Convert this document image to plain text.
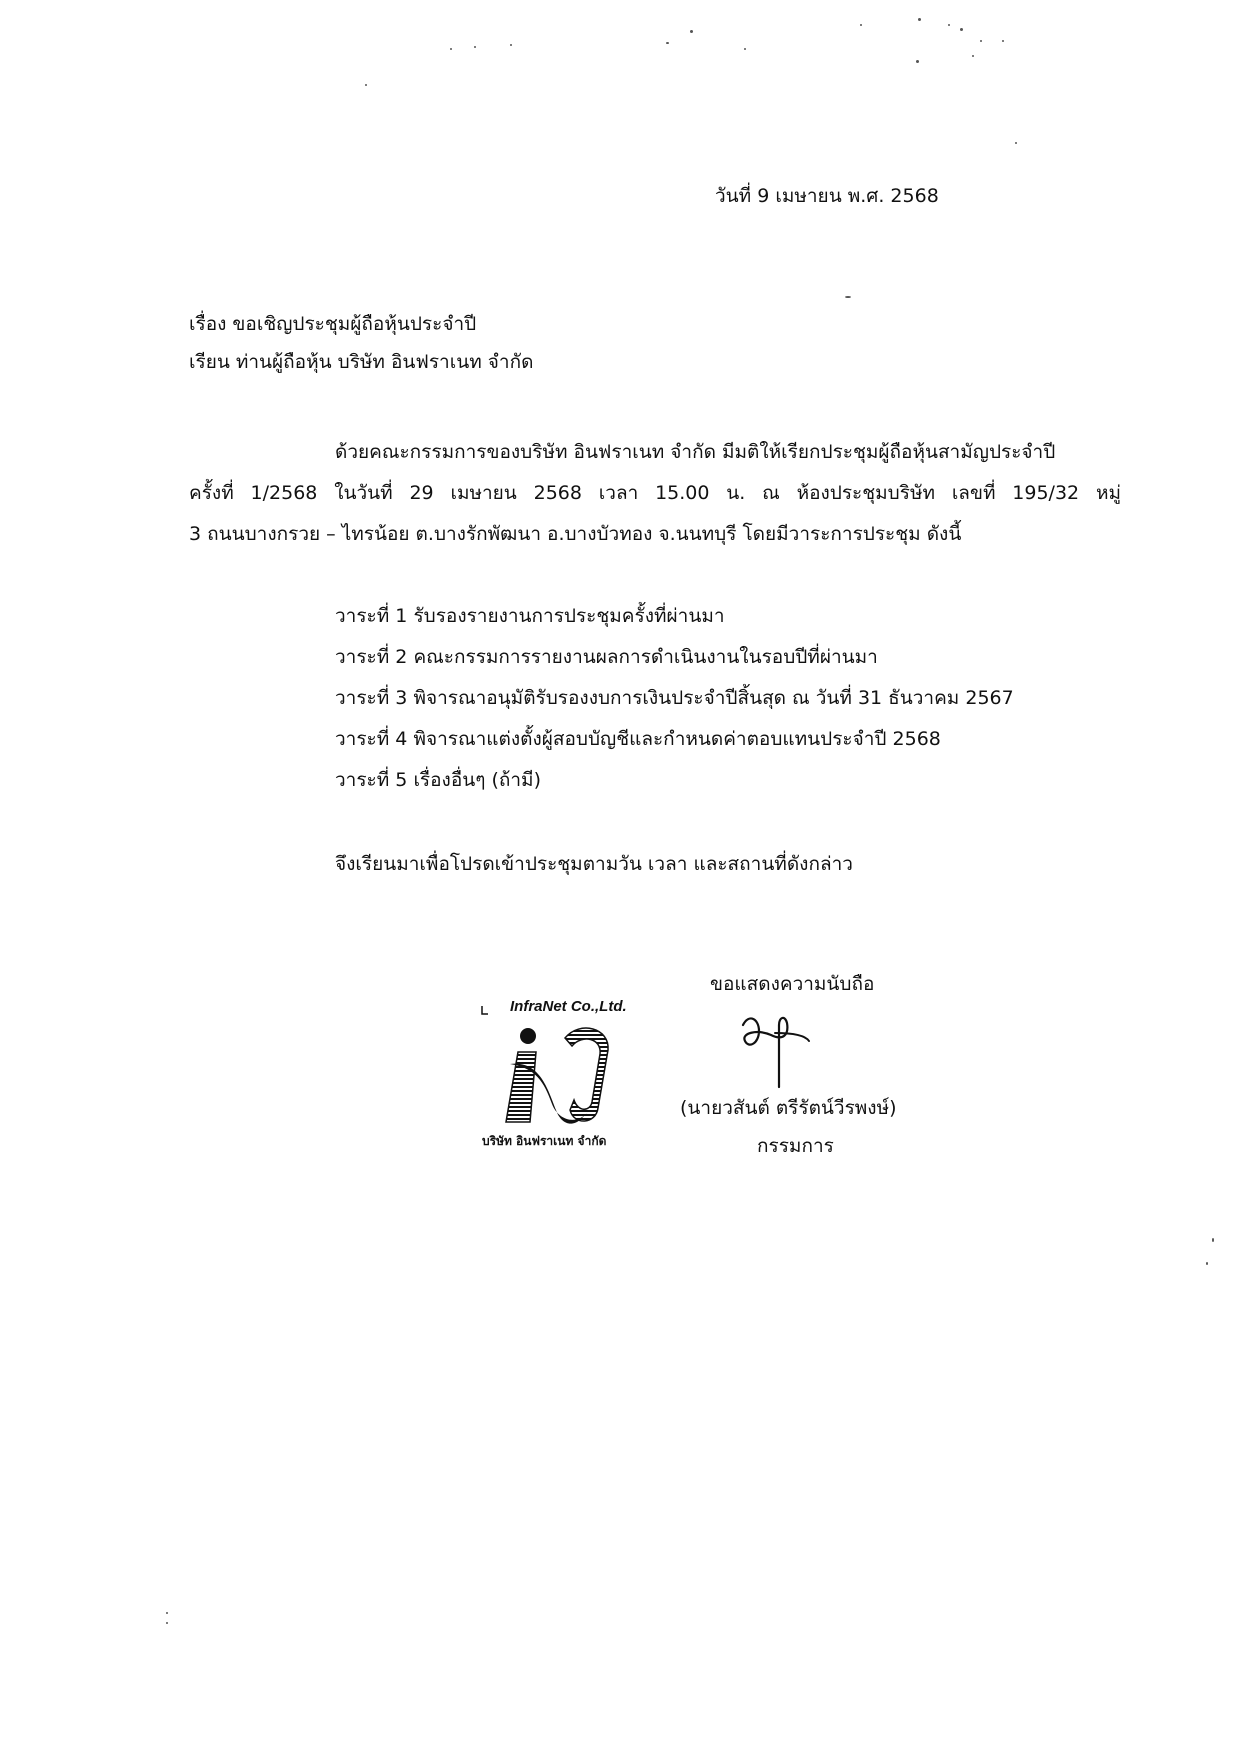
วันที่ 9 เมษายน พ.ศ. 2568
เรื่อง ขอเชิญประชุมผู้ถือหุ้นประจำปี
เรียน ท่านผู้ถือหุ้น บริษัท อินฟราเนท จำกัด
ด้วยคณะกรรมการของบริษัท อินฟราเนท จำกัด มีมติให้เรียกประชุมผู้ถือหุ้นสามัญประจำปี
ครั้งที่ 1/2568 ในวันที่ 29 เมษายน 2568 เวลา 15.00 น. ณ ห้องประชุมบริษัท เลขที่ 195/32 หมู่
3 ถนนบางกรวย – ไทรน้อย ต.บางรักพัฒนา อ.บางบัวทอง จ.นนทบุรี โดยมีวาระการประชุม ดังนี้
วาระที่ 1 รับรองรายงานการประชุมครั้งที่ผ่านมา
วาระที่ 2 คณะกรรมการรายงานผลการดำเนินงานในรอบปีที่ผ่านมา
วาระที่ 3 พิจารณาอนุมัติรับรองงบการเงินประจำปีสิ้นสุด ณ วันที่ 31 ธันวาคม 2567
วาระที่ 4 พิจารณาแต่งตั้งผู้สอบบัญชีและกำหนดค่าตอบแทนประจำปี 2568
วาระที่ 5 เรื่องอื่นๆ (ถ้ามี)
จึงเรียนมาเพื่อโปรดเข้าประชุมตามวัน เวลา และสถานที่ดังกล่าว
InfraNet Co.,Ltd.
บริษัท อินฟราเนท จำกัด
ขอแสดงความนับถือ
(นายวสันต์ ตรีรัตน์วีรพงษ์)
กรรมการ
